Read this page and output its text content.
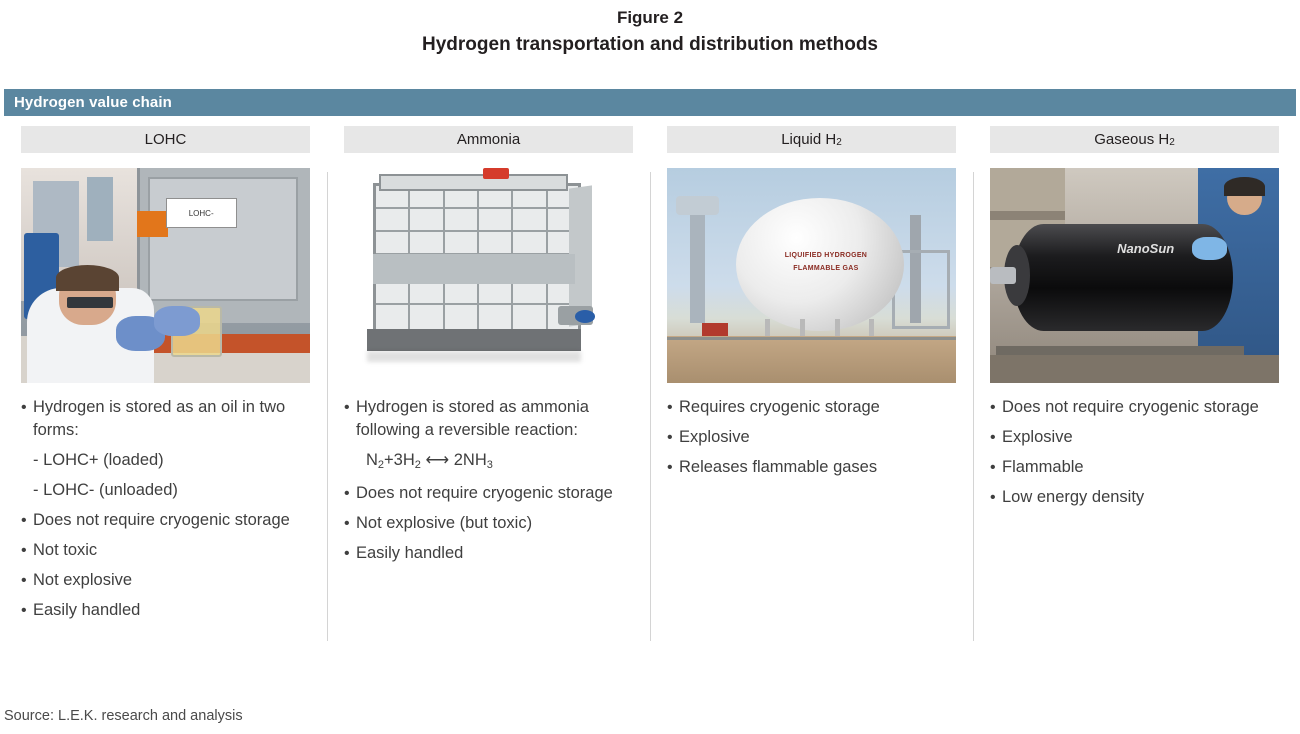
Figure 2
Hydrogen transportation and distribution methods
Hydrogen value chain
LOHC
LOHC-
• Hydrogen is stored as an oil in two forms:
- LOHC+ (loaded)
- LOHC- (unloaded)
• Does not require cryogenic storage
• Not toxic
• Not explosive
• Easily handled
Ammonia
• Hydrogen is stored as ammonia following a reversible reaction:
$N_2+3H_2$ ⟷ $2NH_3$
• Does not require cryogenic storage
• Not explosive (but toxic)
• Easily handled
Liquid $H_2$
LIQUIFIED HYDROGEN
FLAMMABLE GAS
• Requires cryogenic storage
• Explosive
• Releases flammable gases
Gaseous $H_2$
NanoSun
• Does not require cryogenic storage
• Explosive
• Flammable
• Low energy density
Source: L.E.K. research and analysis
